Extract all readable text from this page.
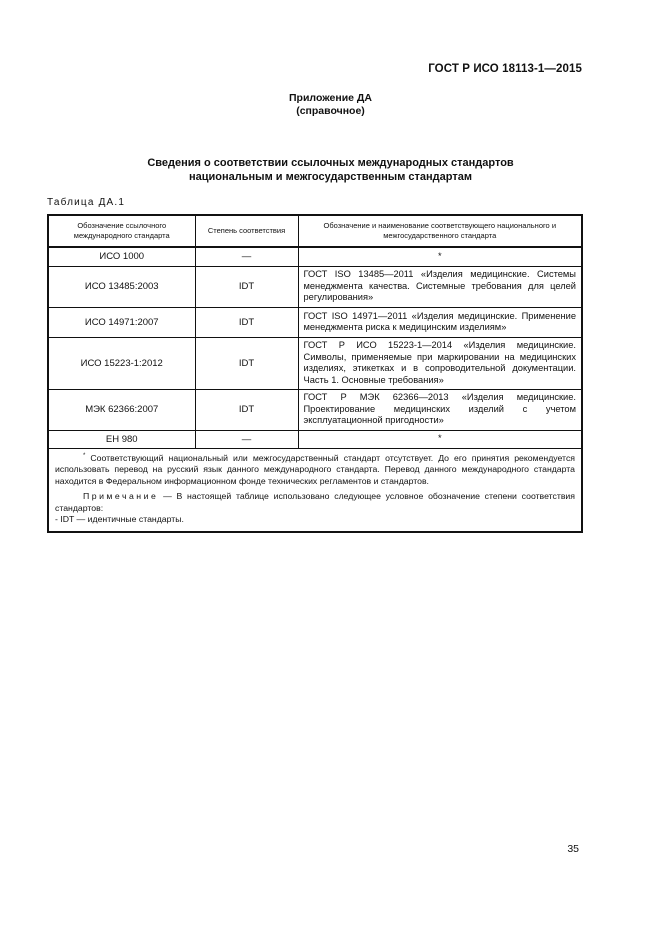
ГОСТ Р ИСО 18113-1—2015
Приложение ДА
(справочное)
Сведения о соответствии ссылочных международных стандартов
национальным и межгосударственным стандартам
Таблица ДА.1
Обозначение ссылочного международного стандарта	Степень соответствия	Обозначение и наименование соответствующего национального и межгосударственного стандарта
ИСО 1000	—	*
ИСО 13485:2003	IDT	ГОСТ ISO 13485—2011 «Изделия медицинские. Системы менеджмента качества. Системные требования для целей регулирования»
ИСО 14971:2007	IDT	ГОСТ ISO 14971—2011 «Изделия медицинские. Применение менеджмента риска к медицинским изделиям»
ИСО 15223-1:2012	IDT	ГОСТ Р ИСО 15223-1—2014 «Изделия медицинские. Символы, применяемые при маркировании на медицинских изделиях, этикетках и в сопроводительной документации. Часть 1. Основные требования»
МЭК 62366:2007	IDT	ГОСТ Р МЭК 62366—2013 «Изделия медицинские. Проектирование медицинских изделий с учетом эксплуатационной пригодности»
ЕН 980	—	*

* Соответствующий национальный или межгосударственный стандарт отсутствует. До его принятия рекомендуется использовать перевод на русский язык данного международного стандарта. Перевод данного международного стандарта находится в Федеральном информационном фонде технических регламентов и стандартов.

Примечание — В настоящей таблице использовано следующее условное обозначение степени соответствия стандартов:

- IDT — идентичные стандарты.		

35
